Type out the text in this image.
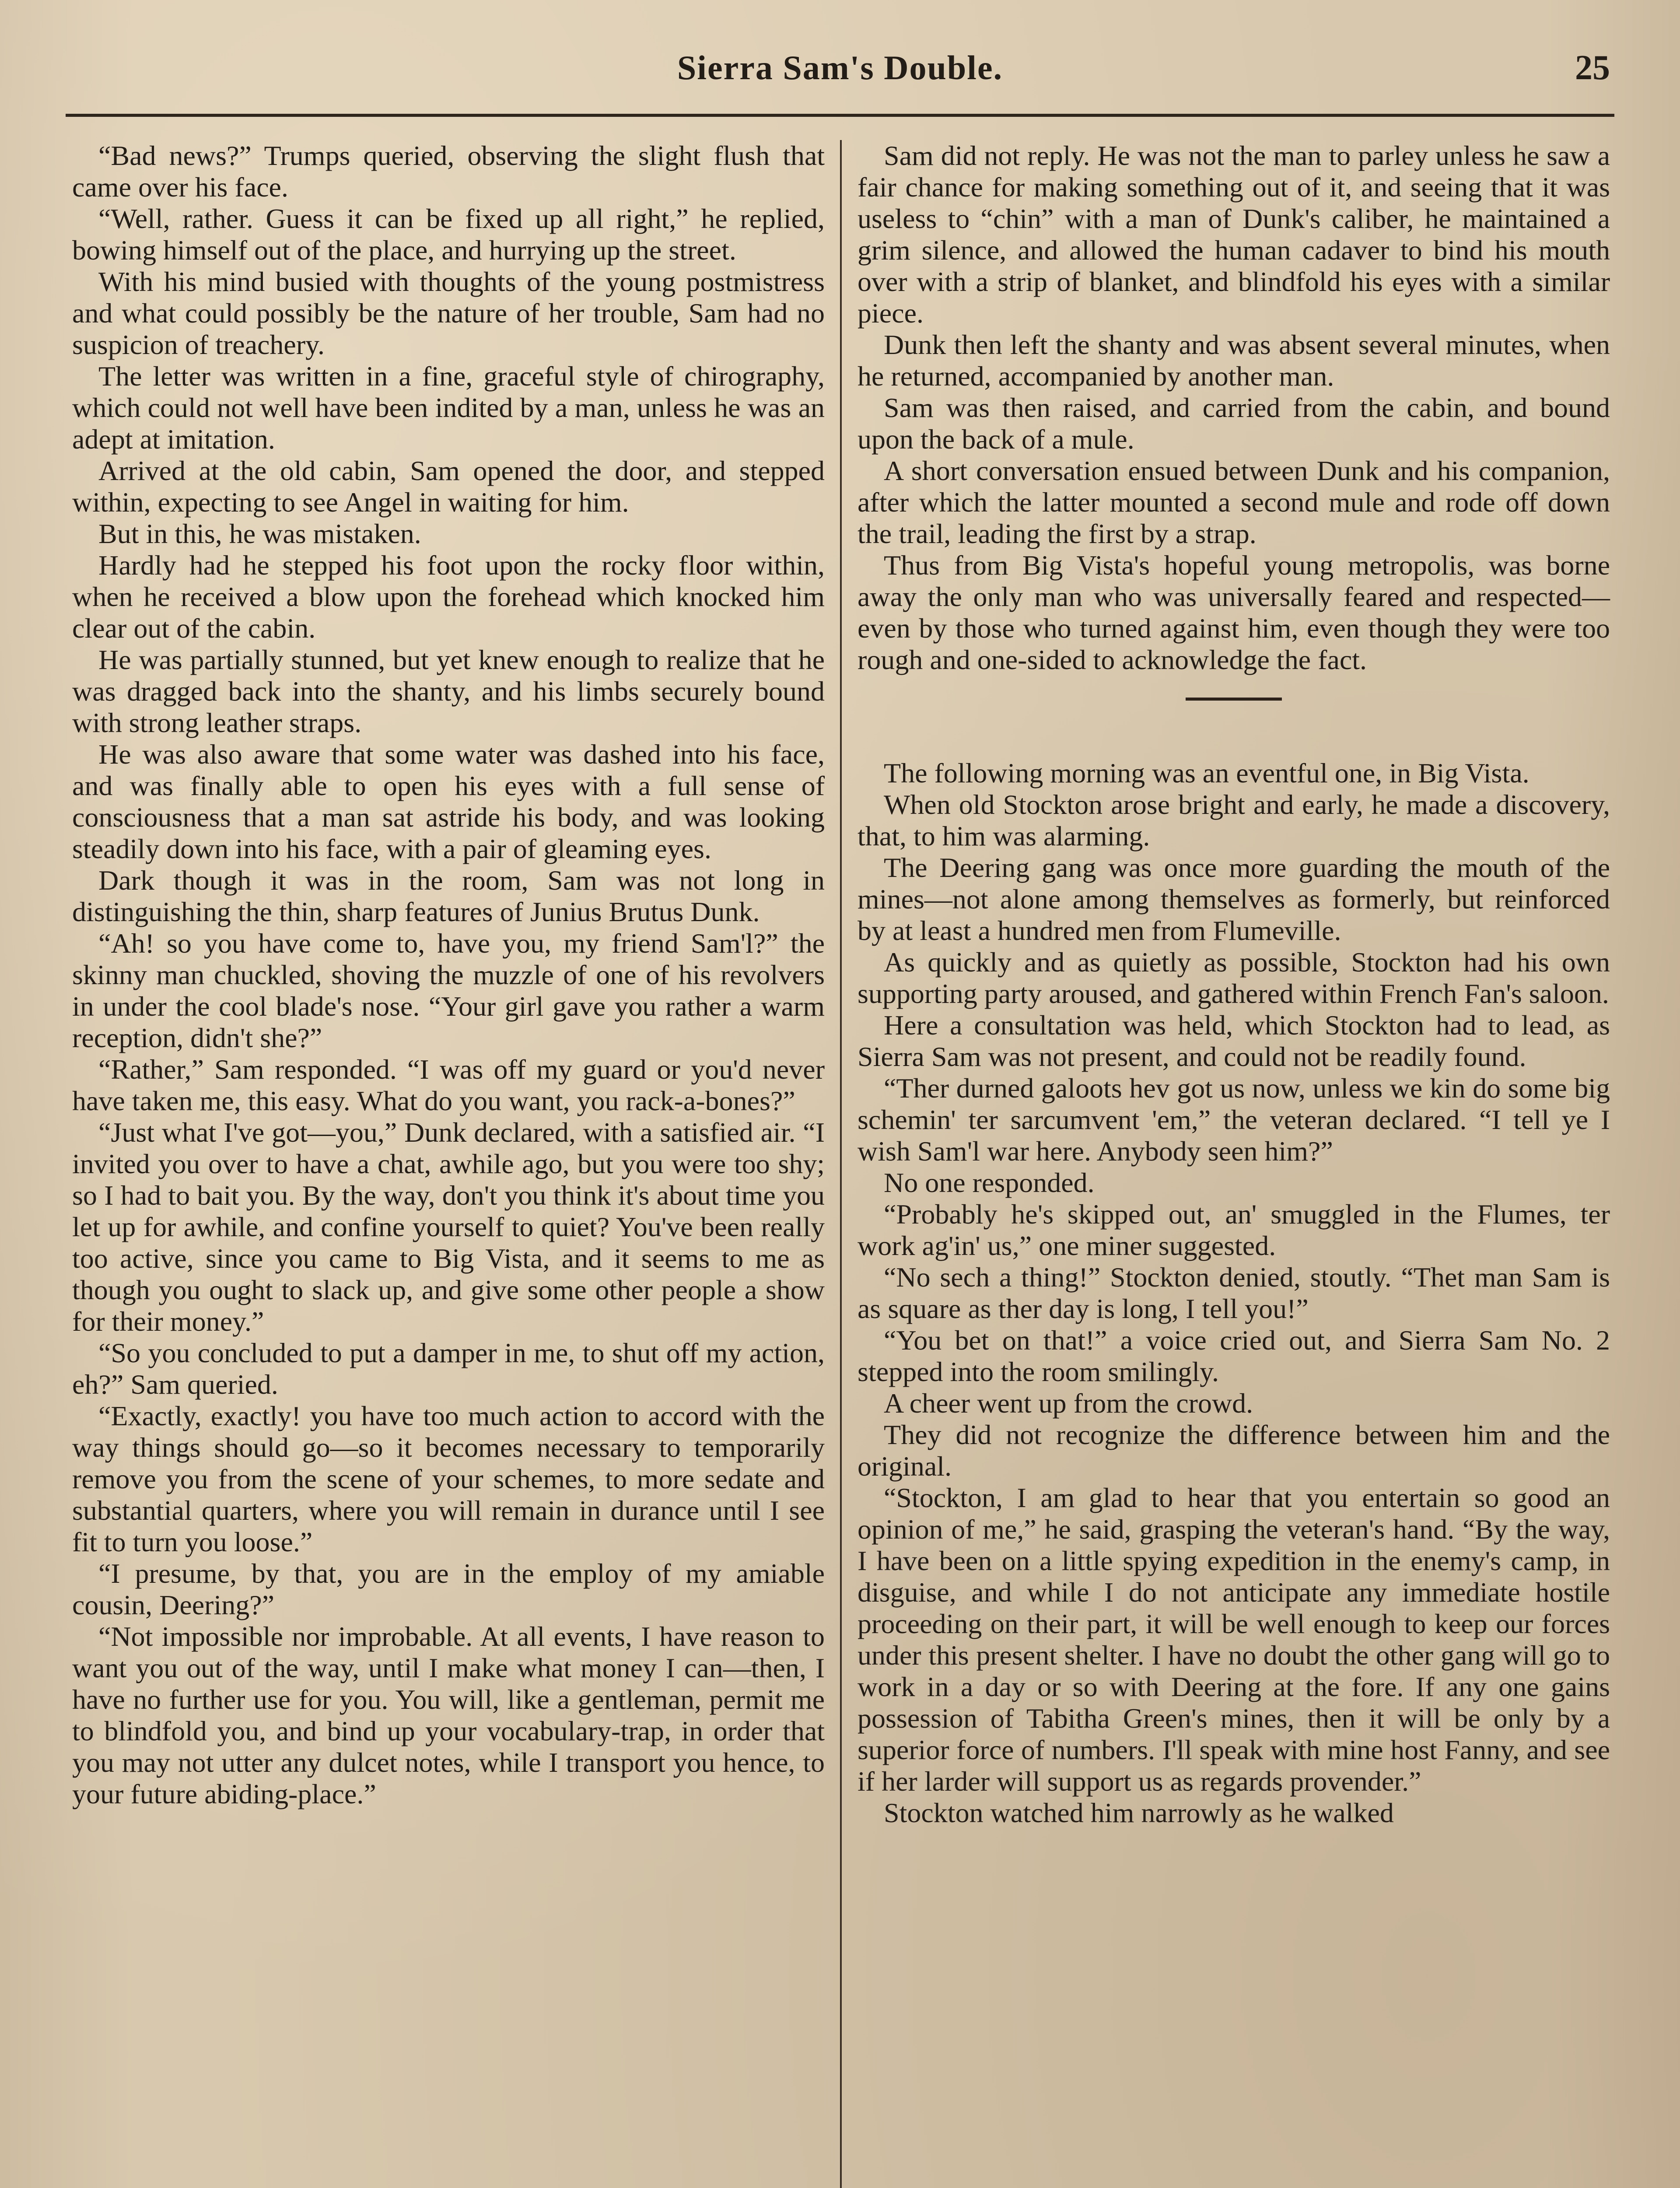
Sierra Sam's Double.	25

“Bad news?” Trumps queried, observing the slight flush that came over his face.

“Well, rather. Guess it can be fixed up all right,” he replied, bowing himself out of the place, and hurrying up the street.

With his mind busied with thoughts of the young postmistress and what could possibly be the nature of her trouble, Sam had no suspicion of treachery.

The letter was written in a fine, graceful style of chirography, which could not well have been indited by a man, unless he was an adept at imitation.

Arrived at the old cabin, Sam opened the door, and stepped within, expecting to see Angel in waiting for him.

But in this, he was mistaken.

Hardly had he stepped his foot upon the rocky floor within, when he received a blow upon the forehead which knocked him clear out of the cabin.

He was partially stunned, but yet knew enough to realize that he was dragged back into the shanty, and his limbs securely bound with strong leather straps.

He was also aware that some water was dashed into his face, and was finally able to open his eyes with a full sense of consciousness that a man sat astride his body, and was looking steadily down into his face, with a pair of gleaming eyes.

Dark though it was in the room, Sam was not long in distinguishing the thin, sharp features of Junius Brutus Dunk.

“Ah! so you have come to, have you, my friend Sam'l?” the skinny man chuckled, shoving the muzzle of one of his revolvers in under the cool blade's nose. “Your girl gave you rather a warm reception, didn't she?”

“Rather,” Sam responded. “I was off my guard or you'd never have taken me, this easy. What do you want, you rack-a-bones?”

“Just what I've got—you,” Dunk declared, with a satisfied air. “I invited you over to have a chat, awhile ago, but you were too shy; so I had to bait you. By the way, don't you think it's about time you let up for awhile, and confine yourself to quiet? You've been really too active, since you came to Big Vista, and it seems to me as though you ought to slack up, and give some other people a show for their money.”

“So you concluded to put a damper in me, to shut off my action, eh?” Sam queried.

“Exactly, exactly! you have too much action to accord with the way things should go—so it becomes necessary to temporarily remove you from the scene of your schemes, to more sedate and substantial quarters, where you will remain in durance until I see fit to turn you loose.”

“I presume, by that, you are in the employ of my amiable cousin, Deering?”

“Not impossible nor improbable. At all events, I have reason to want you out of the way, until I make what money I can—then, I have no further use for you. You will, like a gentleman, permit me to blindfold you, and bind up your vocabulary-trap, in order that you may not utter any dulcet notes, while I transport you hence, to your future abiding-place.”

Sam did not reply. He was not the man to parley unless he saw a fair chance for making something out of it, and seeing that it was useless to “chin” with a man of Dunk's caliber, he maintained a grim silence, and allowed the human cadaver to bind his mouth over with a strip of blanket, and blindfold his eyes with a similar piece.

Dunk then left the shanty and was absent several minutes, when he returned, accompanied by another man.

Sam was then raised, and carried from the cabin, and bound upon the back of a mule.

A short conversation ensued between Dunk and his companion, after which the latter mounted a second mule and rode off down the trail, leading the first by a strap.

Thus from Big Vista's hopeful young metropolis, was borne away the only man who was universally feared and respected—even by those who turned against him, even though they were too rough and one-sided to acknowledge the fact.

The following morning was an eventful one, in Big Vista.

When old Stockton arose bright and early, he made a discovery, that, to him was alarming.

The Deering gang was once more guarding the mouth of the mines—not alone among themselves as formerly, but reinforced by at least a hundred men from Flumeville.

As quickly and as quietly as possible, Stockton had his own supporting party aroused, and gathered within French Fan's saloon.

Here a consultation was held, which Stockton had to lead, as Sierra Sam was not present, and could not be readily found.

“Ther durned galoots hev got us now, unless we kin do some big schemin' ter sarcumvent 'em,” the veteran declared. “I tell ye I wish Sam'l war here. Anybody seen him?”

No one responded.

“Probably he's skipped out, an' smuggled in the Flumes, ter work ag'in' us,” one miner suggested.

“No sech a thing!” Stockton denied, stoutly. “Thet man Sam is as square as ther day is long, I tell you!”

“You bet on that!” a voice cried out, and Sierra Sam No. 2 stepped into the room smilingly.

A cheer went up from the crowd.

They did not recognize the difference between him and the original.

“Stockton, I am glad to hear that you entertain so good an opinion of me,” he said, grasping the veteran's hand. “By the way, I have been on a little spying expedition in the enemy's camp, in disguise, and while I do not anticipate any immediate hostile proceeding on their part, it will be well enough to keep our forces under this present shelter. I have no doubt the other gang will go to work in a day or so with Deering at the fore. If any one gains possession of Tabitha Green's mines, then it will be only by a superior force of numbers. I'll speak with mine host Fanny, and see if her larder will support us as regards provender.”

Stockton watched him narrowly as he walked
